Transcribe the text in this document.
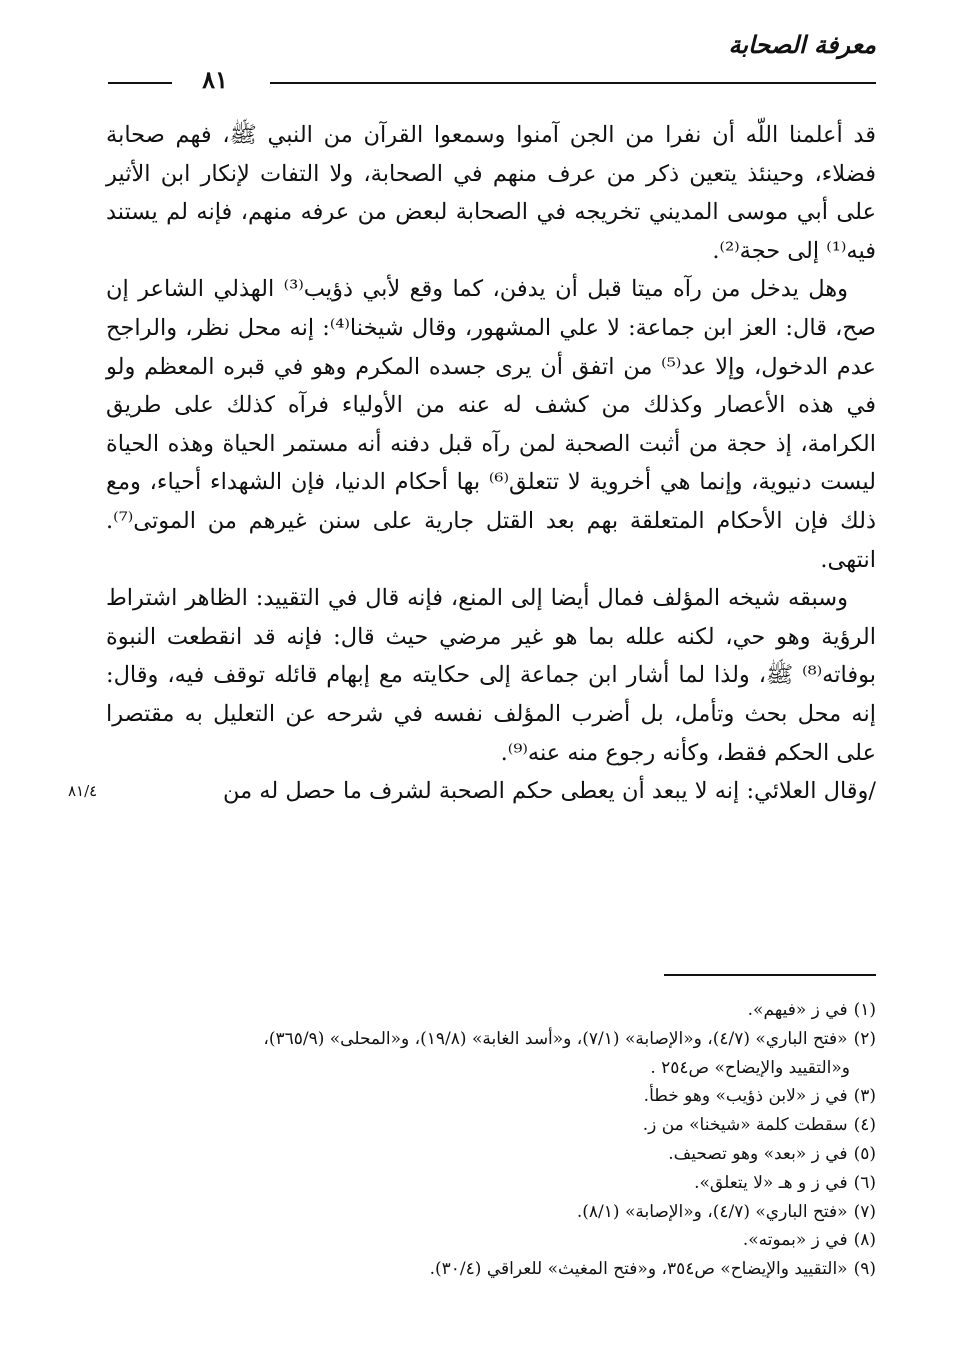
معرفة الصحابة
٨١

قد أعلمنا اللّه أن نفرا من الجن آمنوا وسمعوا القرآن من النبي ﷺ، فهم صحابة فضلاء، وحينئذ يتعين ذكر من عرف منهم في الصحابة، ولا التفات لإنكار ابن الأثير على أبي موسى المديني تخريجه في الصحابة لبعض من عرفه منهم، فإنه لم يستند فيه⁽¹⁾ إلى حجة⁽²⁾.

وهل يدخل من رآه ميتا قبل أن يدفن، كما وقع لأبي ذؤيب⁽³⁾ الهذلي الشاعر إن صح، قال: العز ابن جماعة: لا علي المشهور، وقال شيخنا⁽⁴⁾: إنه محل نظر، والراجح عدم الدخول، وإلا عد⁽⁵⁾ من اتفق أن يرى جسده المكرم وهو في قبره المعظم ولو في هذه الأعصار وكذلك من كشف له عنه من الأولياء فرآه كذلك على طريق الكرامة، إذ حجة من أثبت الصحبة لمن رآه قبل دفنه أنه مستمر الحياة وهذه الحياة ليست دنيوية، وإنما هي أخروية لا تتعلق⁽⁶⁾ بها أحكام الدنيا، فإن الشهداء أحياء، ومع ذلك فإن الأحكام المتعلقة بهم بعد القتل جارية على سنن غيرهم من الموتى⁽⁷⁾. انتهى.

وسبقه شيخه المؤلف فمال أيضا إلى المنع، فإنه قال في التقييد: الظاهر اشتراط الرؤية وهو حي، لكنه علله بما هو غير مرضي حيث قال: فإنه قد انقطعت النبوة بوفاته⁽⁸⁾ ﷺ، ولذا لما أشار ابن جماعة إلى حكايته مع إبهام قائله توقف فيه، وقال: إنه محل بحث وتأمل، بل أضرب المؤلف نفسه في شرحه عن التعليل به مقتصرا على الحكم فقط، وكأنه رجوع منه عنه⁽⁹⁾.

/وقال العلائي: إنه لا يبعد أن يعطى حكم الصحبة لشرف ما حصل له من
٨١/٤

(١)في ز «فيهم».

(٢)«فتح الباري» (٤/٧)، و«الإصابة» (٧/١)، و«أسد الغابة» (١٩/٨)، و«المحلى» (٣٦٥/٩)،

و«التقييد والإيضاح» ص٢٥٤ .

(٣)في ز «لابن ذؤيب» وهو خطأ.

(٤)سقطت كلمة «شيخنا» من ز.

(٥)في ز «بعد» وهو تصحيف.

(٦)في ز و هـ «لا يتعلق».

(٧)«فتح الباري» (٤/٧)، و«الإصابة» (٨/١).

(٨)في ز «بموته».

(٩)«التقييد والإيضاح» ص٣٥٤، و«فتح المغيث» للعراقي (٣٠/٤).
